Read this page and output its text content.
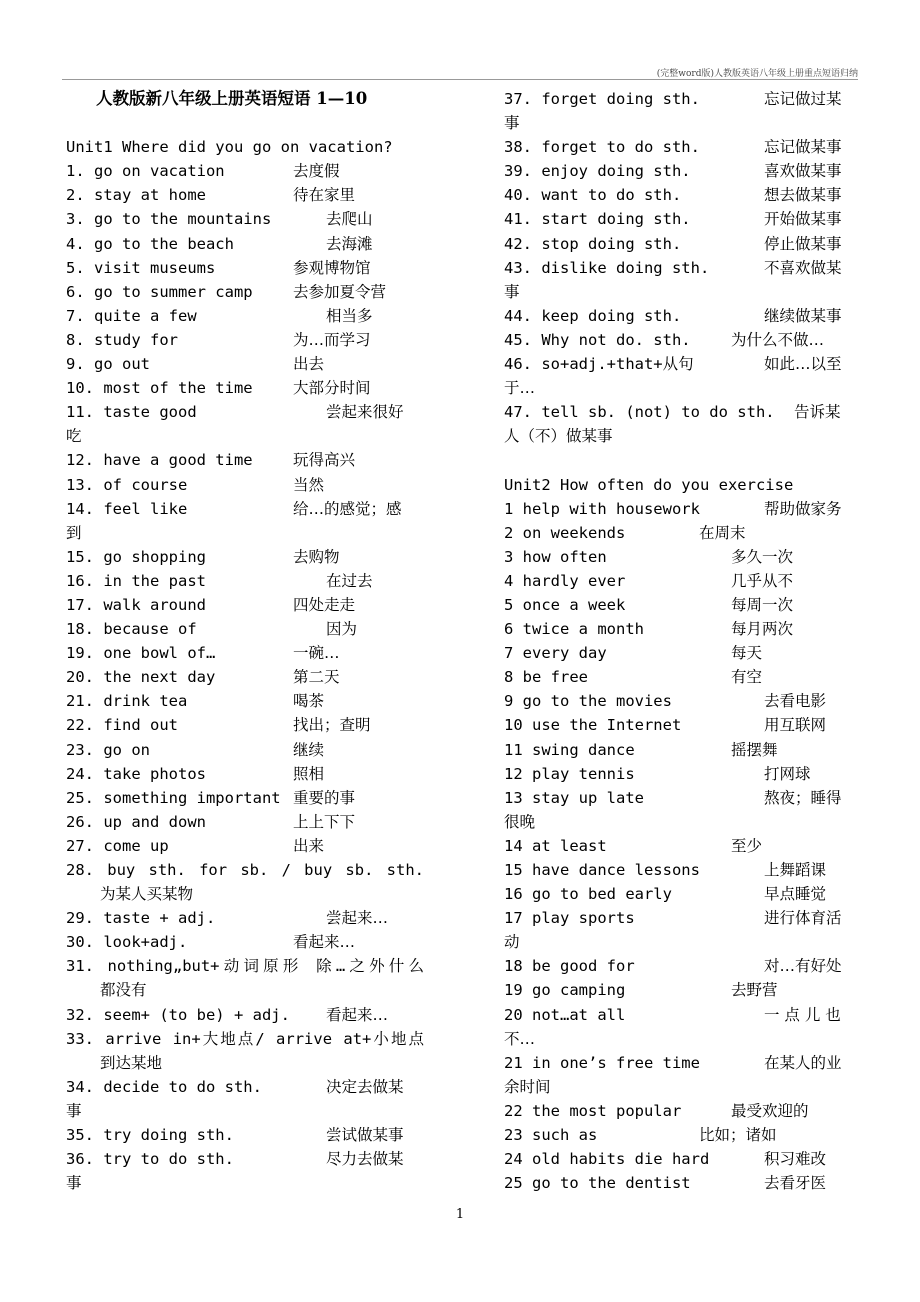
(完整word版)人教版英语八年级上册重点短语归纳
人教版新八年级上册英语短语 1—10
Unit1 Where did you go on vacation?
1. go on vacation	去度假
2. stay at home	待在家里
3. go to the mountains	去爬山
4. go to the beach	去海滩
5. visit museums	参观博物馆
6. go to summer camp	去参加夏令营
7. quite a few	相当多
8. study for	为…而学习
9. go out	出去
10. most of the time	大部分时间
11. taste good	尝起来很好
吃
12. have a good time	玩得高兴
13. of course	当然
14. feel like	给…的感觉；感
到
15. go shopping	去购物
16. in the past	在过去
17. walk around	四处走走
18. because of	因为
19. one bowl of…	一碗…
20. the next day	第二天
21. drink tea	喝茶
22. find out	找出；查明
23. go on	继续
24. take photos	照相
25. something important 重要的事
26. up and down	上上下下
27. come up	出来
28. buy sth. for sb. / buy sb. sth.
为某人买某物
29. taste + adj.	尝起来…
30. look+adj.	看起来…
31. nothing„but+动词原形 除…之外什么
都没有
32. seem+ (to be) + adj. 看起来…
33. arrive in+大地点/ arrive at+小地点
到达某地
34. decide to do sth.	决定去做某
事
35. try doing sth.	尝试做某事
36. try to do sth.	尽力去做某
事
37. forget doing sth.	忘记做过某
事
38. forget to do sth.	忘记做某事
39. enjoy doing sth.	喜欢做某事
40. want to do sth.	想去做某事
41. start doing sth.	开始做某事
42. stop doing sth.	停止做某事
43. dislike doing sth.	不喜欢做某
事
44. keep doing sth.	继续做某事
45. Why not do. sth.	为什么不做…
46. so+adj.+that+从句	如此…以至
于…
47. tell sb. (not) to do sth. 告诉某
人（不）做某事
Unit2 How often do you exercise
1 help with housework	帮助做家务
2 on weekends	在周末
3 how often	多久一次
4 hardly ever	几乎从不
5 once a week	每周一次
6 twice a month	每月两次
7 every day	每天
8 be free	有空
9 go to the movies	去看电影
10 use the Internet	用互联网
11 swing dance	摇摆舞
12 play tennis	打网球
13 stay up late	熬夜；睡得
很晚
14 at least	至少
15 have dance lessons	上舞蹈课
16 go to bed early	早点睡觉
17 play sports	进行体育活
动
18 be good for	对…有好处
19 go camping	去野营
20 not…at all	一 点 儿 也
不…
21 in one’s free time	在某人的业
余时间
22 the most popular	最受欢迎的
23 such as	比如；诸如
24 old habits die hard	积习难改
25 go to the dentist	去看牙医
1
